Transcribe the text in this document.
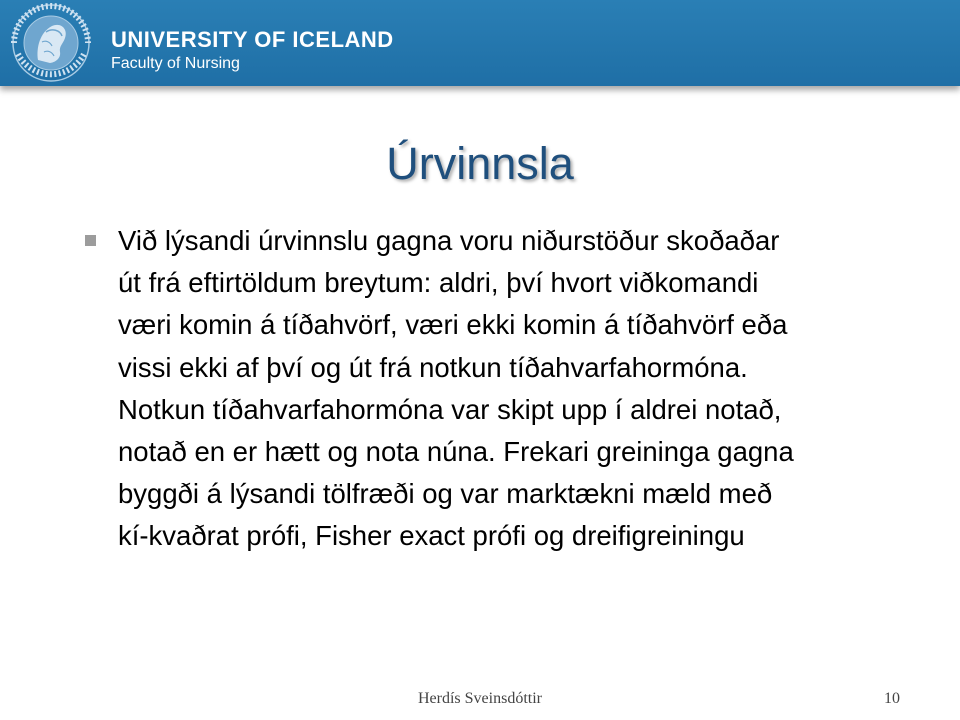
UNIVERSITY OF ICELAND
Faculty of Nursing
Úrvinnsla
Við lýsandi úrvinnslu gagna voru niðurstöður skoðaðar
út frá eftirtöldum breytum: aldri, því hvort viðkomandi
væri komin á tíðahvörf, væri ekki komin á tíðahvörf eða
vissi ekki af því og út frá notkun tíðahvarfahormóna.
Notkun tíðahvarfahormóna var skipt upp í aldrei notað,
notað en er hætt og nota núna. Frekari greininga gagna
byggði á lýsandi tölfræði og var marktækni mæld með
kí-kvaðrat prófi, Fisher exact prófi og dreifigreiningu
Herdís Sveinsdóttir	10
